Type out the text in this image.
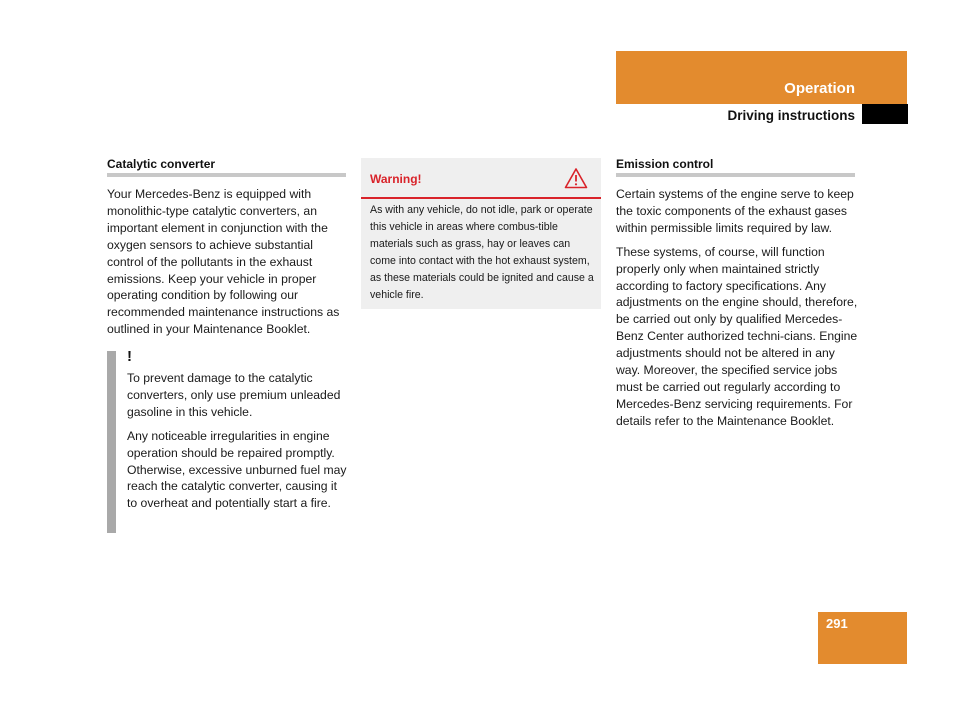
Operation
Driving instructions
Catalytic converter

Your Mercedes-Benz is equipped with monolithic-type catalytic converters, an important element in conjunction with the oxygen sensors to achieve substantial control of the pollutants in the exhaust emissions. Keep your vehicle in proper operating condition by following our recommended maintenance instructions as outlined in your Maintenance Booklet.

!

To prevent damage to the catalytic converters, only use premium unleaded gasoline in this vehicle.

Any noticeable irregularities in engine operation should be repaired promptly. Otherwise, excessive unburned fuel may reach the catalytic converter, causing it to overheat and potentially start a fire.

Warning!
As with any vehicle, do not idle, park or operate this vehicle in areas where combus-tible materials such as grass, hay or leaves can come into contact with the hot exhaust system, as these materials could be ignited and cause a vehicle fire.
Emission control

Certain systems of the engine serve to keep the toxic components of the exhaust gases within permissible limits required by law.

These systems, of course, will function properly only when maintained strictly according to factory specifications. Any adjustments on the engine should, therefore, be carried out only by qualified Mercedes-Benz Center authorized techni-cians. Engine adjustments should not be altered in any way. Moreover, the specified service jobs must be carried out regularly according to Mercedes-Benz servicing requirements. For details refer to the Maintenance Booklet.

291
